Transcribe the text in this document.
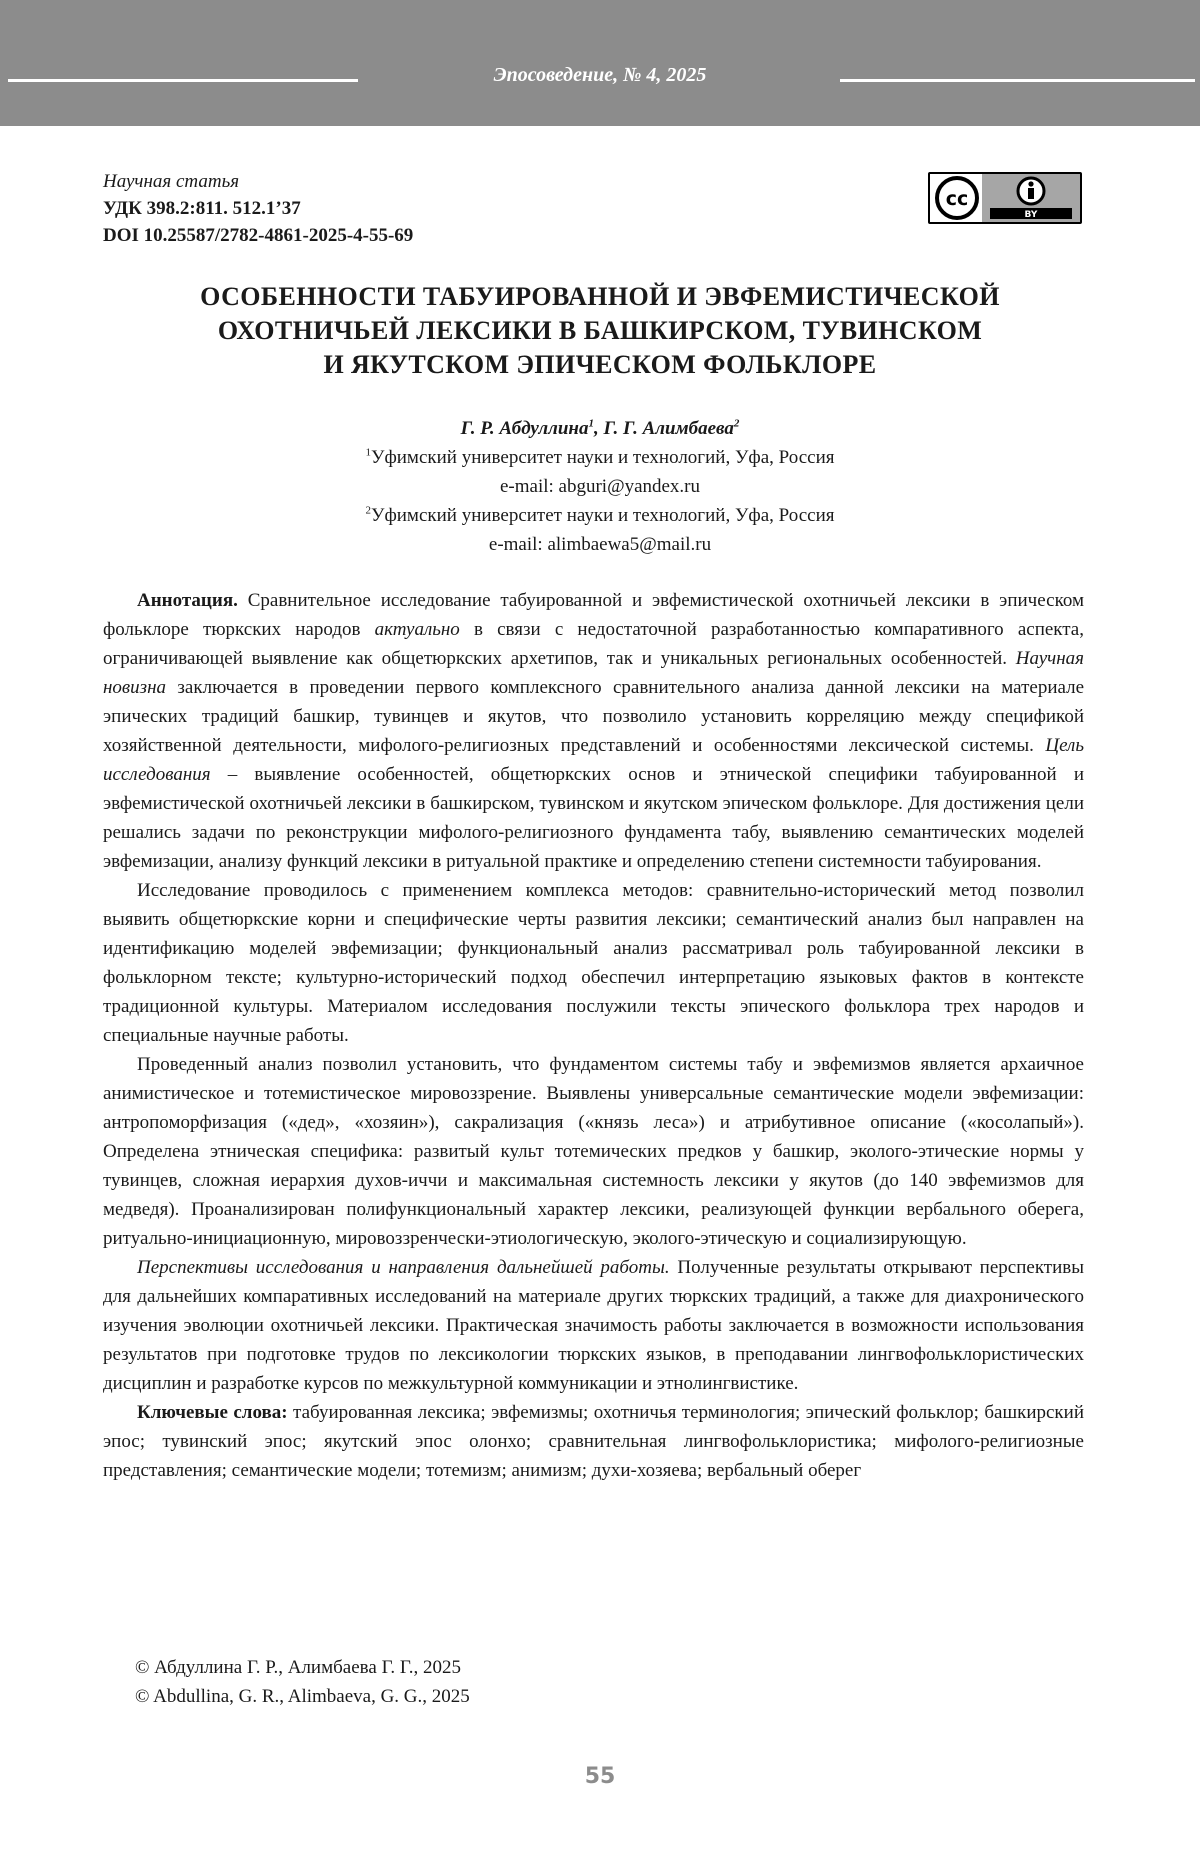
Эпосоведение, № 4, 2025
Научная статья
УДК 398.2:811. 512.1’37
DOI 10.25587/2782-4861-2025-4-55-69
cc
BY
ОСОБЕННОСТИ ТАБУИРОВАННОЙ И ЭВФЕМИСТИЧЕСКОЙ
ОХОТНИЧЬЕЙ ЛЕКСИКИ В БАШКИРСКОМ, ТУВИНСКОМ
И ЯКУТСКОМ ЭПИЧЕСКОМ ФОЛЬКЛОРЕ
Г. Р. Абдуллина$^1$, Г. Г. Алимбаева$^2$
$^1$Уфимский университет науки и технологий, Уфа, Россия
e-mail: abguri@yandex.ru
$^2$Уфимский университет науки и технологий, Уфа, Россия
e-mail: alimbaewa5@mail.ru

Аннотация. Сравнительное исследование табуированной и эвфемистической охотничьей лексики в эпическом фольклоре тюркских народов актуально в связи с недостаточной разработанностью компаративного аспекта, ограничивающей выявление как общетюркских архетипов, так и уникальных региональных особенностей. Научная новизна заключается в проведении первого комплексного сравнительного анализа данной лексики на материале эпических традиций башкир, тувинцев и якутов, что позволило установить корреляцию между спецификой хозяйственной деятельности, мифолого-религиозных представлений и особенностями лексической системы. Цель исследования – выявление особенностей, общетюркских основ и этнической специфики табуированной и эвфемистической охотничьей лексики в башкирском, тувинском и якутском эпическом фольклоре. Для достижения цели решались задачи по реконструкции мифолого-религиозного фундамента табу, выявлению семантических моделей эвфемизации, анализу функций лексики в ритуальной практике и определению степени системности табуирования.

Исследование проводилось с применением комплекса методов: сравнительно-исторический метод позволил выявить общетюркские корни и специфические черты развития лексики; семантический анализ был направлен на идентификацию моделей эвфемизации; функциональный анализ рассматривал роль табуированной лексики в фольклорном тексте; культурно-исторический подход обеспечил интерпретацию языковых фактов в контексте традиционной культуры. Материалом исследования послужили тексты эпического фольклора трех народов и специальные научные работы.

Проведенный анализ позволил установить, что фундаментом системы табу и эвфемизмов является архаичное анимистическое и тотемистическое мировоззрение. Выявлены универсальные семантические модели эвфемизации: антропоморфизация («дед», «хозяин»), сакрализация («князь леса») и атрибутивное описание («косолапый»). Определена этническая специфика: развитый культ тотемических предков у башкир, эколого-этические нормы у тувинцев, сложная иерархия духов-иччи и максимальная системность лексики у якутов (до 140 эвфемизмов для медведя). Проанализирован полифункциональный характер лексики, реализующей функции вербального оберега, ритуально-инициационную, мировоззренчески-этиологическую, эколого-этическую и социализирующую.

Перспективы исследования и направления дальнейшей работы. Полученные результаты открывают перспективы для дальнейших компаративных исследований на материале других тюркских традиций, а также для диахронического изучения эволюции охотничьей лексики. Практическая значимость работы заключается в возможности использования результатов при подготовке трудов по лексикологии тюркских языков, в преподавании лингвофольклористических дисциплин и разработке курсов по межкультурной коммуникации и этнолингвистике.

Ключевые слова: табуированная лексика; эвфемизмы; охотничья терминология; эпический фольклор; башкирский эпос; тувинский эпос; якутский эпос олонхо; сравнительная лингвофольклористика; мифолого-религиозные представления; семантические модели; тотемизм; анимизм; духи-хозяева; вербальный оберег

© Абдуллина Г. Р., Алимбаева Г. Г., 2025
© Abdullina, G. R., Alimbaeva, G. G., 2025
55
